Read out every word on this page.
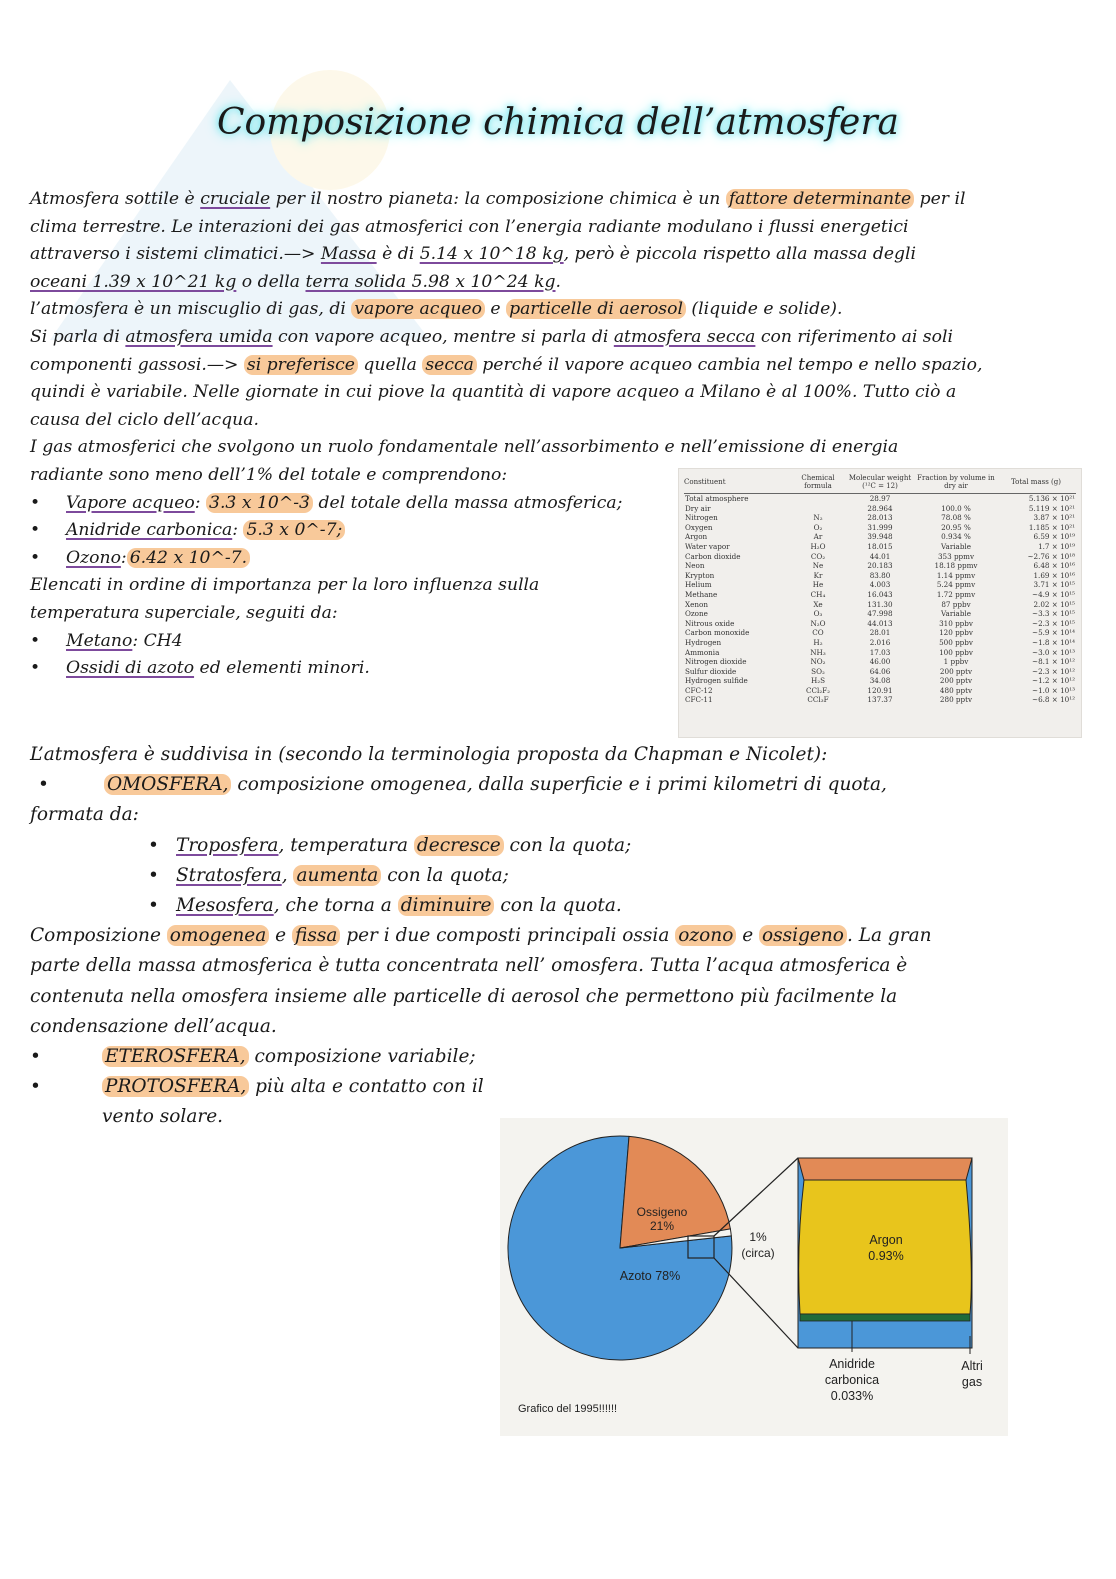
Composizione chimica dell’atmosfera
Atmosfera sottile è cruciale per il nostro pianeta: la composizione chimica è un fattore determinante per il
clima terrestre. Le interazioni dei gas atmosferici con l’energia radiante modulano i flussi energetici
attraverso i sistemi climatici.—> Massa è di 5.14 x 10^18 kg, però è piccola rispetto alla massa degli
oceani 1.39 x 10^21 kg o della terra solida 5.98 x 10^24 kg.
l’atmosfera è un miscuglio di gas, di vapore acqueo e particelle di aerosol (liquide e solide).
Si parla di atmosfera umida con vapore acqueo, mentre si parla di atmosfera secca con riferimento ai soli
componenti gassosi.—> si preferisce quella secca perché il vapore acqueo cambia nel tempo e nello spazio,
quindi è variabile. Nelle giornate in cui piove la quantità di vapore acqueo a Milano è al 100%. Tutto ciò a
causa del ciclo dell’acqua.
I gas atmosferici che svolgono un ruolo fondamentale nell’assorbimento e nell’emissione di energia
radiante sono meno dell’1% del totale e comprendono:
• Vapore acqueo: 3.3 x 10^-3 del totale della massa atmosferica;
• Anidride carbonica: 5.3 x 0^-7;
• Ozono: 6.42 x 10^-7.
Elencati in ordine di importanza per la loro influenza sulla
temperatura superciale, seguiti da:
• Metano: CH4
• Ossidi di azoto ed elementi minori.
Constituent	Chemical formula	Molecular weight (¹²C = 12)	Fraction by volume in dry air	Total mass (g)
Total atmosphere		28.97		5.136 × 10²¹
Dry air		28.964	100.0 %	5.119 × 10²¹
Nitrogen	N₂	28.013	78.08 %	3.87 × 10²¹
Oxygen	O₂	31.999	20.95 %	1.185 × 10²¹
Argon	Ar	39.948	0.934 %	6.59 × 10¹⁹
Water vapor	H₂O	18.015	Variable	1.7 × 10¹⁹
Carbon dioxide	CO₂	44.01	353 ppmv	~2.76 × 10¹⁸
Neon	Ne	20.183	18.18 ppmv	6.48 × 10¹⁶
Krypton	Kr	83.80	1.14 ppmv	1.69 × 10¹⁶
Helium	He	4.003	5.24 ppmv	3.71 × 10¹⁵
Methane	CH₄	16.043	1.72 ppmv	~4.9 × 10¹⁵
Xenon	Xe	131.30	87 ppbv	2.02 × 10¹⁵
Ozone	O₃	47.998	Variable	~3.3 × 10¹⁵
Nitrous oxide	N₂O	44.013	310 ppbv	~2.3 × 10¹⁵
Carbon monoxide	CO	28.01	120 ppbv	~5.9 × 10¹⁴
Hydrogen	H₂	2.016	500 ppbv	~1.8 × 10¹⁴
Ammonia	NH₃	17.03	100 ppbv	~3.0 × 10¹³
Nitrogen dioxide	NO₂	46.00	1 ppbv	~8.1 × 10¹²
Sulfur dioxide	SO₂	64.06	200 pptv	~2.3 × 10¹²
Hydrogen sulfide	H₂S	34.08	200 pptv	~1.2 × 10¹²
CFC-12	CCl₂F₂	120.91	480 pptv	~1.0 × 10¹³
CFC-11	CCl₃F	137.37	280 pptv	~6.8 × 10¹²
L’atmosfera è suddivisa in (secondo la terminologia proposta da Chapman e Nicolet):
•	OMOSFERA, composizione omogenea, dalla superficie e i primi kilometri di quota,
formata da:
• Troposfera, temperatura decresce con la quota;
• Stratosfera, aumenta con la quota;
• Mesosfera, che torna a diminuire con la quota.
Composizione omogenea e fissa per i due composti principali ossia ozono e ossigeno . La gran
parte della massa atmosferica è tutta concentrata nell’ omosfera. Tutta l’acqua atmosferica è
contenuta nella omosfera insieme alle particelle di aerosol che permettono più facilmente la
condensazione dell’acqua.
•	ETEROSFERA, composizione variabile;
•	PROTOSFERA, più alta e contatto con il
vento solare.
Azoto 78%
Ossigeno
21%
1%
(circa)
Argon
0.93%
Anidride
carbonica
0.033%
Altri
gas
Grafico del 1995!!!!!!
